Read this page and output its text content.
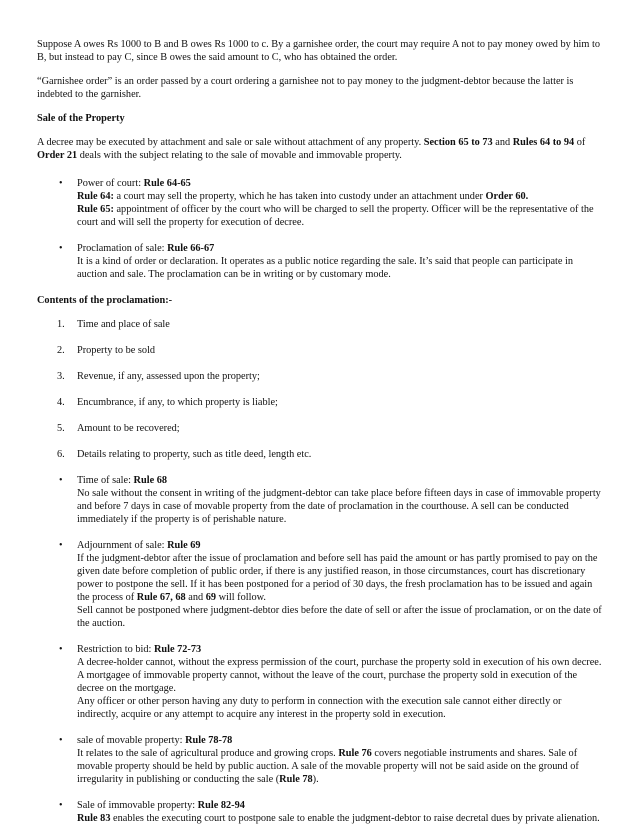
Suppose A owes Rs 1000 to B and B owes Rs 1000 to c. By a garnishee order, the court may require A not to pay money owed by him to B, but instead to pay C, since B owes the said amount to C, who has obtained the order.

“Garnishee order” is an order passed by a court ordering a garnishee not to pay money to the judgment-debtor because the latter is indebted to the garnisher.

Sale of the Property

A decree may be executed by attachment and sale or sale without attachment of any property. Section 65 to 73 and Rules 64 to 94 of Order 21 deals with the subject relating to the sale of movable and immovable property.

• Power of court: Rule 64-65
Rule 64: a court may sell the property, which he has taken into custody under an attachment under Order 60.
Rule 65: appointment of officer by the court who will be charged to sell the property. Officer will be the representative of the court and will sell the property for execution of decree.
• Proclamation of sale: Rule 66-67
It is a kind of order or declaration. It operates as a public notice regarding the sale. It’s said that people can participate in auction and sale. The proclamation can be in writing or by customary mode.

Contents of the proclamation:-

1. Time and place of sale
2. Property to be sold
3. Revenue, if any, assessed upon the property;
4. Encumbrance, if any, to which property is liable;
5. Amount to be recovered;
6. Details relating to property, such as title deed, length etc.
• Time of sale: Rule 68
No sale without the consent in writing of the judgment-debtor can take place before fifteen days in case of immovable property and before 7 days in case of movable property from the date of proclamation in the courthouse. A sell can be conducted immediately if the property is of perishable nature.
• Adjournment of sale: Rule 69
If the judgment-debtor after the issue of proclamation and before sell has paid the amount or has partly promised to pay on the given date before completion of public order, if there is any justified reason, in those circumstances, court has discretionary power to postpone the sell. If it has been postponed for a period of 30 days, the fresh proclamation has to be issued and again the process of Rule 67, 68 and 69 will follow.
Sell cannot be postponed where judgment-debtor dies before the date of sell or after the issue of proclamation, or on the date of the auction.
• Restriction to bid: Rule 72-73
A decree-holder cannot, without the express permission of the court, purchase the property sold in execution of his own decree.
A mortgagee of immovable property cannot, without the leave of the court, purchase the property sold in execution of the decree on the mortgage.
Any officer or other person having any duty to perform in connection with the execution sale cannot either directly or indirectly, acquire or any attempt to acquire any interest in the property sold in execution.
• sale of movable property: Rule 78-78
It relates to the sale of agricultural produce and growing crops. Rule 76 covers negotiable instruments and shares. Sale of movable property should be held by public auction. A sale of the movable property will not be said aside on the ground of irregularity in publishing or conducting the sale (Rule 78).
• Sale of immovable property: Rule 82-94
Rule 83 enables the executing court to postpone sale to enable the judgment-debtor to raise decretal dues by private alienation.
